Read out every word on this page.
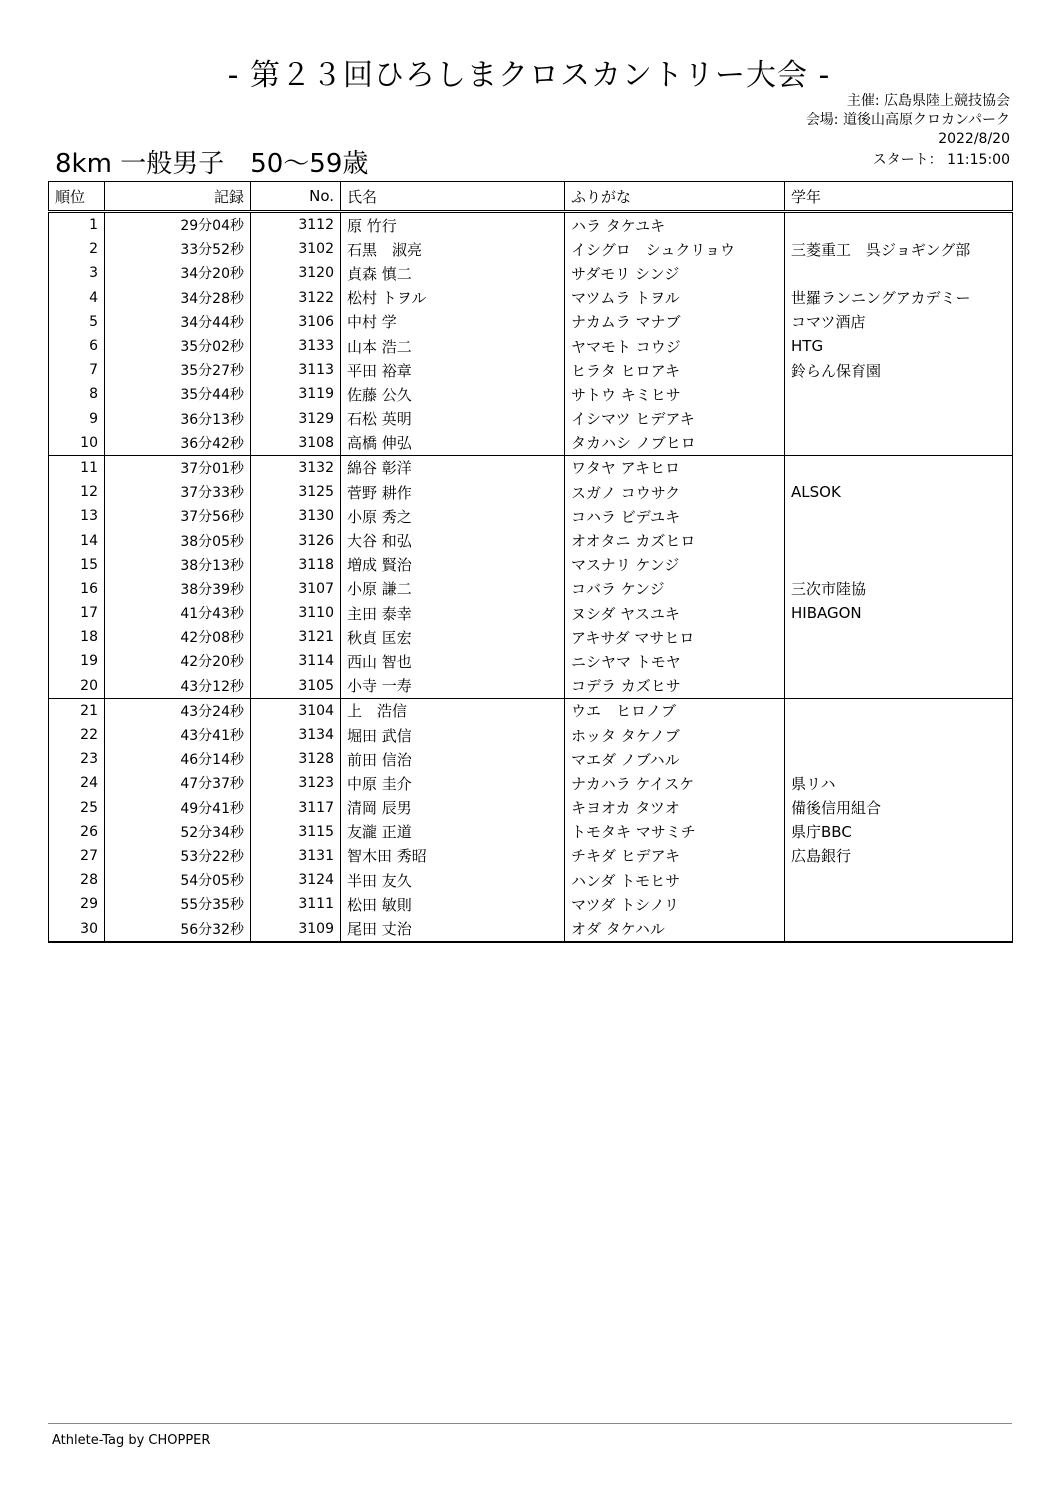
- 第２３回ひろしまクロスカントリー大会 -
主催: 広島県陸上競技協会
会場: 道後山高原クロカンパーク
2022/8/20
スタート： 11:15:00
8km 一般男子　50～59歳
順位	記録	No.	氏名	ふりがな	学年
1	29分04秒	3112	原 竹行	ハラ タケユキ	
2	33分52秒	3102	石黒　淑亮	イシグロ　シュクリョウ	三菱重工　呉ジョギング部
3	34分20秒	3120	貞森 慎二	サダモリ シンジ	
4	34分28秒	3122	松村 トヲル	マツムラ トヲル	世羅ランニングアカデミー
5	34分44秒	3106	中村 学	ナカムラ マナブ	コマツ酒店
6	35分02秒	3133	山本 浩二	ヤマモト コウジ	HTG
7	35分27秒	3113	平田 裕章	ヒラタ ヒロアキ	鈴らん保育園
8	35分44秒	3119	佐藤 公久	サトウ キミヒサ	
9	36分13秒	3129	石松 英明	イシマツ ヒデアキ	
10	36分42秒	3108	高橋 伸弘	タカハシ ノブヒロ	
11	37分01秒	3132	綿谷 彰洋	ワタヤ アキヒロ	
12	37分33秒	3125	菅野 耕作	スガノ コウサク	ALSOK
13	37分56秒	3130	小原 秀之	コハラ ビデユキ	
14	38分05秒	3126	大谷 和弘	オオタニ カズヒロ	
15	38分13秒	3118	増成 賢治	マスナリ ケンジ	
16	38分39秒	3107	小原 謙二	コバラ ケンジ	三次市陸協
17	41分43秒	3110	主田 泰幸	ヌシダ ヤスユキ	HIBAGON
18	42分08秒	3121	秋貞 匡宏	アキサダ マサヒロ	
19	42分20秒	3114	西山 智也	ニシヤマ トモヤ	
20	43分12秒	3105	小寺 一寿	コデラ カズヒサ	
21	43分24秒	3104	上　浩信	ウエ　ヒロノブ	
22	43分41秒	3134	堀田 武信	ホッタ タケノブ	
23	46分14秒	3128	前田 信治	マエダ ノブハル	
24	47分37秒	3123	中原 圭介	ナカハラ ケイスケ	県リハ
25	49分41秒	3117	清岡 辰男	キヨオカ タツオ	備後信用組合
26	52分34秒	3115	友瀧 正道	トモタキ マサミチ	県庁BBC
27	53分22秒	3131	智木田 秀昭	チキダ ヒデアキ	広島銀行
28	54分05秒	3124	半田 友久	ハンダ トモヒサ	
29	55分35秒	3111	松田 敏則	マツダ トシノリ	
30	56分32秒	3109	尾田 丈治	オダ タケハル	
Athlete-Tag by CHOPPER
